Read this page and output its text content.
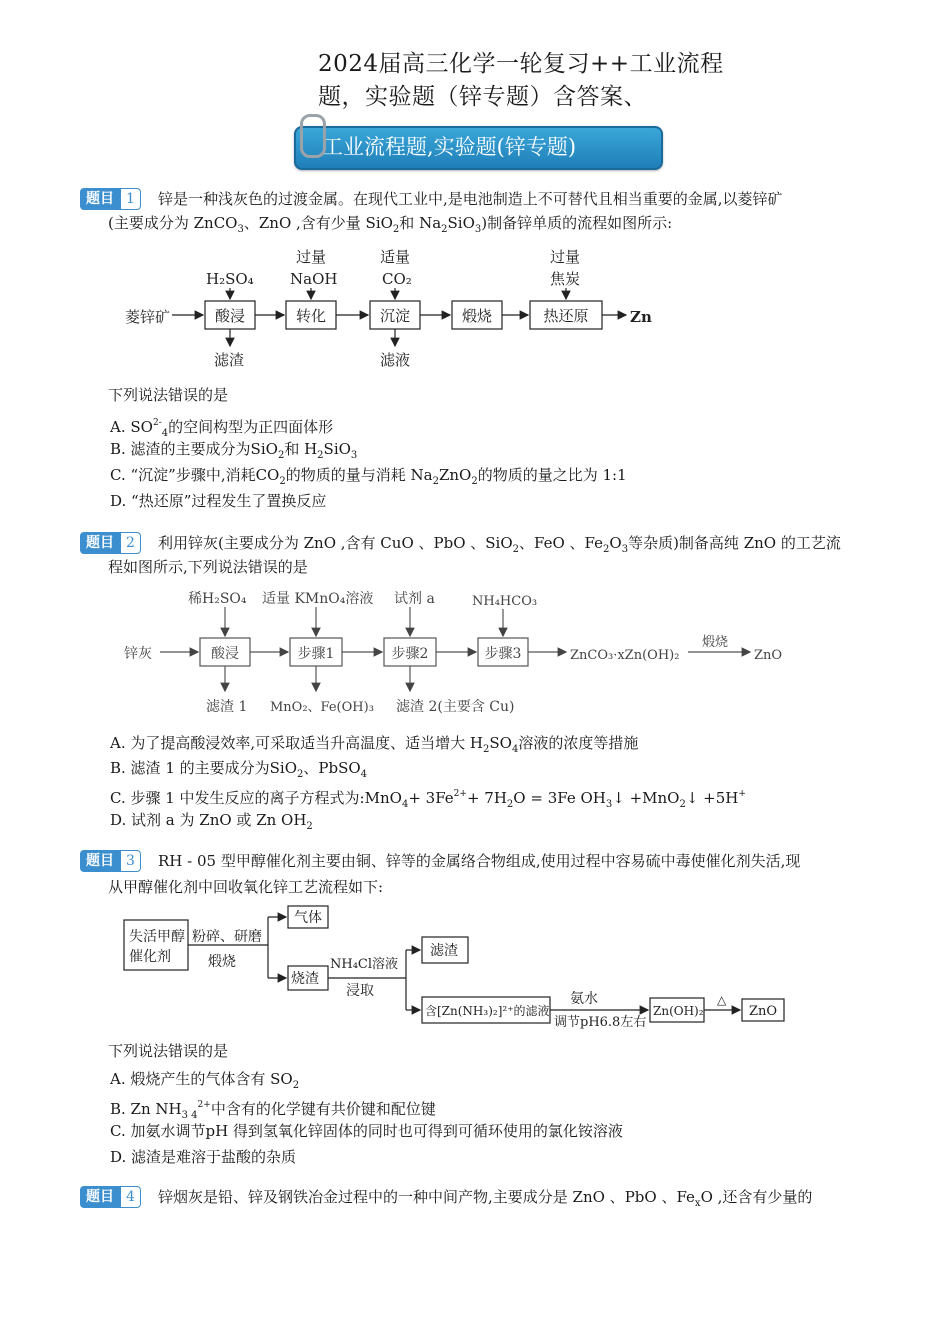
2024届高三化学一轮复习++工业流程
题，实验题（锌专题）含答案、
工业流程题,实验题(锌专题)
题目 1	锌是一种浅灰色的过渡金属。在现代工业中,是电池制造上不可替代且相当重要的金属,以菱锌矿
(主要成分为 ZnCO$_3$、ZnO ,含有少量 SiO$_2$和 $Na_2SiO_3$)制备锌单质的流程如图所示:
菱锌矿	Zn
H₂SO₄
过量
NaOH
适量
CO₂
过量
焦炭
滤渣	滤液
酸浸	转化	沉淀	煅烧	热还原
下列说法错误的是
A. $SO^{2-}_4$的空间构型为正四面体形
B. 滤渣的主要成分为SiO$_2$和 $H_2SiO_3$
C. “沉淀”步骤中,消耗$CO_2$的物质的量与消耗 $Na_2ZnO_2$的物质的量之比为 1:1
D. “热还原”过程发生了置换反应
题目 2	利用锌灰(主要成分为 ZnO ,含有 CuO 、PbO 、SiO$_2$、FeO 、$Fe_2O_3$等杂质)制备高纯 ZnO 的工艺流
程如图所示,下列说法错误的是
锌灰
稀H₂SO₄ 适量 KMnO₄溶液 试剂 a	NH₄HCO₃
ZnCO₃·xZn(OH)₂
煅烧
ZnO
滤渣 1 MnO₂、Fe(OH)₃ 滤渣 2(主要含 Cu)
酸浸	步骤1	步骤2	步骤3
A. 为了提高酸浸效率,可采取适当升高温度、适当增大 $H_2SO_4$溶液的浓度等措施
B. 滤渣 1 的主要成分为SiO$_2$、PbSO$_4$
C. 步骤 1 中发生反应的离子方程式为:MnO$_4$+ $3Fe^{2+}+ 7H_2O = 3Fe$ $OH_3↓$ +MnO$_2$↓ +5H+
D. 试剂 a 为 ZnO 或 Zn $OH_2$
题目 3	RH - 05 型甲醇催化剂主要由铜、锌等的金属络合物组成,使用过程中容易硫中毒使催化剂失活,现
从甲醇催化剂中回收氧化锌工艺流程如下:
失活甲醇
催化剂
粉碎、研磨
煅烧
气体
烧渣
NH₄Cl溶液
浸取
滤渣
含[Zn(NH₃)₂]²⁺的滤液
氨水
调节pH6.8左右
Zn(OH)₂
△
ZnO
下列说法错误的是
A. 煅烧产生的气体含有 $SO_2$
B. Zn $NH_{3 4}^{2+}$中含有的化学键有共价键和配位键
C. 加氨水调节pH 得到氢氧化锌固体的同时也可得到可循环使用的氯化铵溶液
D. 滤渣是难溶于盐酸的杂质
题目 4	锌烟灰是铅、锌及钢铁冶金过程中的一种中间产物,主要成分是 ZnO 、PbO 、$Fe_xO$ ,还含有少量的
